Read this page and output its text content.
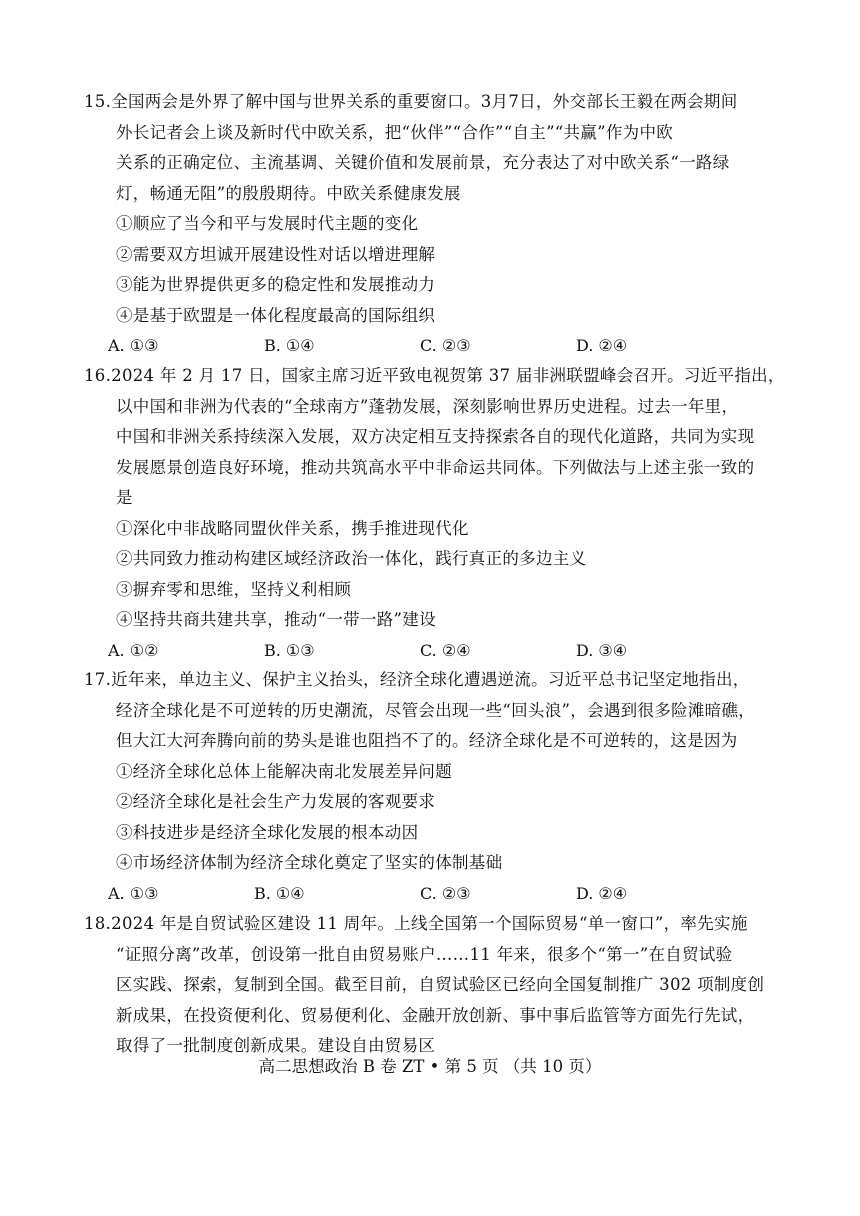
15.全国两会是外界了解中国与世界关系的重要窗口。3月7日，外交部长王毅在两会期间
外长记者会上谈及新时代中欧关系，把“伙伴”“合作”“自主”“共赢”作为中欧
关系的正确定位、主流基调、关键价值和发展前景，充分表达了对中欧关系“一路绿
灯，畅通无阻”的殷殷期待。中欧关系健康发展
①顺应了当今和平与发展时代主题的变化
②需要双方坦诚开展建设性对话以增进理解
③能为世界提供更多的稳定性和发展推动力
④是基于欧盟是一体化程度最高的国际组织
A. ①③	B. ①④	C. ②③	D. ②④
16.2024 年 2 月 17 日，国家主席习近平致电视贺第 37 届非洲联盟峰会召开。习近平指出，
以中国和非洲为代表的“全球南方”蓬勃发展，深刻影响世界历史进程。过去一年里，
中国和非洲关系持续深入发展，双方决定相互支持探索各自的现代化道路，共同为实现
发展愿景创造良好环境，推动共筑高水平中非命运共同体。下列做法与上述主张一致的
是
①深化中非战略同盟伙伴关系，携手推进现代化
②共同致力推动构建区域经济政治一体化，践行真正的多边主义
③摒弃零和思维，坚持义利相顾
④坚持共商共建共享，推动“一带一路”建设
A. ①②	B. ①③	C. ②④	D. ③④
17.近年来，单边主义、保护主义抬头，经济全球化遭遇逆流。习近平总书记坚定地指出，
经济全球化是不可逆转的历史潮流，尽管会出现一些“回头浪”，会遇到很多险滩暗礁，
但大江大河奔腾向前的势头是谁也阻挡不了的。经济全球化是不可逆转的，这是因为
①经济全球化总体上能解决南北发展差异问题
②经济全球化是社会生产力发展的客观要求
③科技进步是经济全球化发展的根本动因
④市场经济体制为经济全球化奠定了坚实的体制基础
A. ①③	B. ①④	C. ②③	D. ②④
18.2024 年是自贸试验区建设 11 周年。上线全国第一个国际贸易“单一窗口”，率先实施
“证照分离”改革，创设第一批自由贸易账户……11 年来，很多个“第一”在自贸试验
区实践、探索，复制到全国。截至目前，自贸试验区已经向全国复制推广 302 项制度创
新成果，在投资便利化、贸易便利化、金融开放创新、事中事后监管等方面先行先试，
取得了一批制度创新成果。建设自由贸易区
高二思想政治 B 卷 ZT • 第 5 页 （共 10 页）
